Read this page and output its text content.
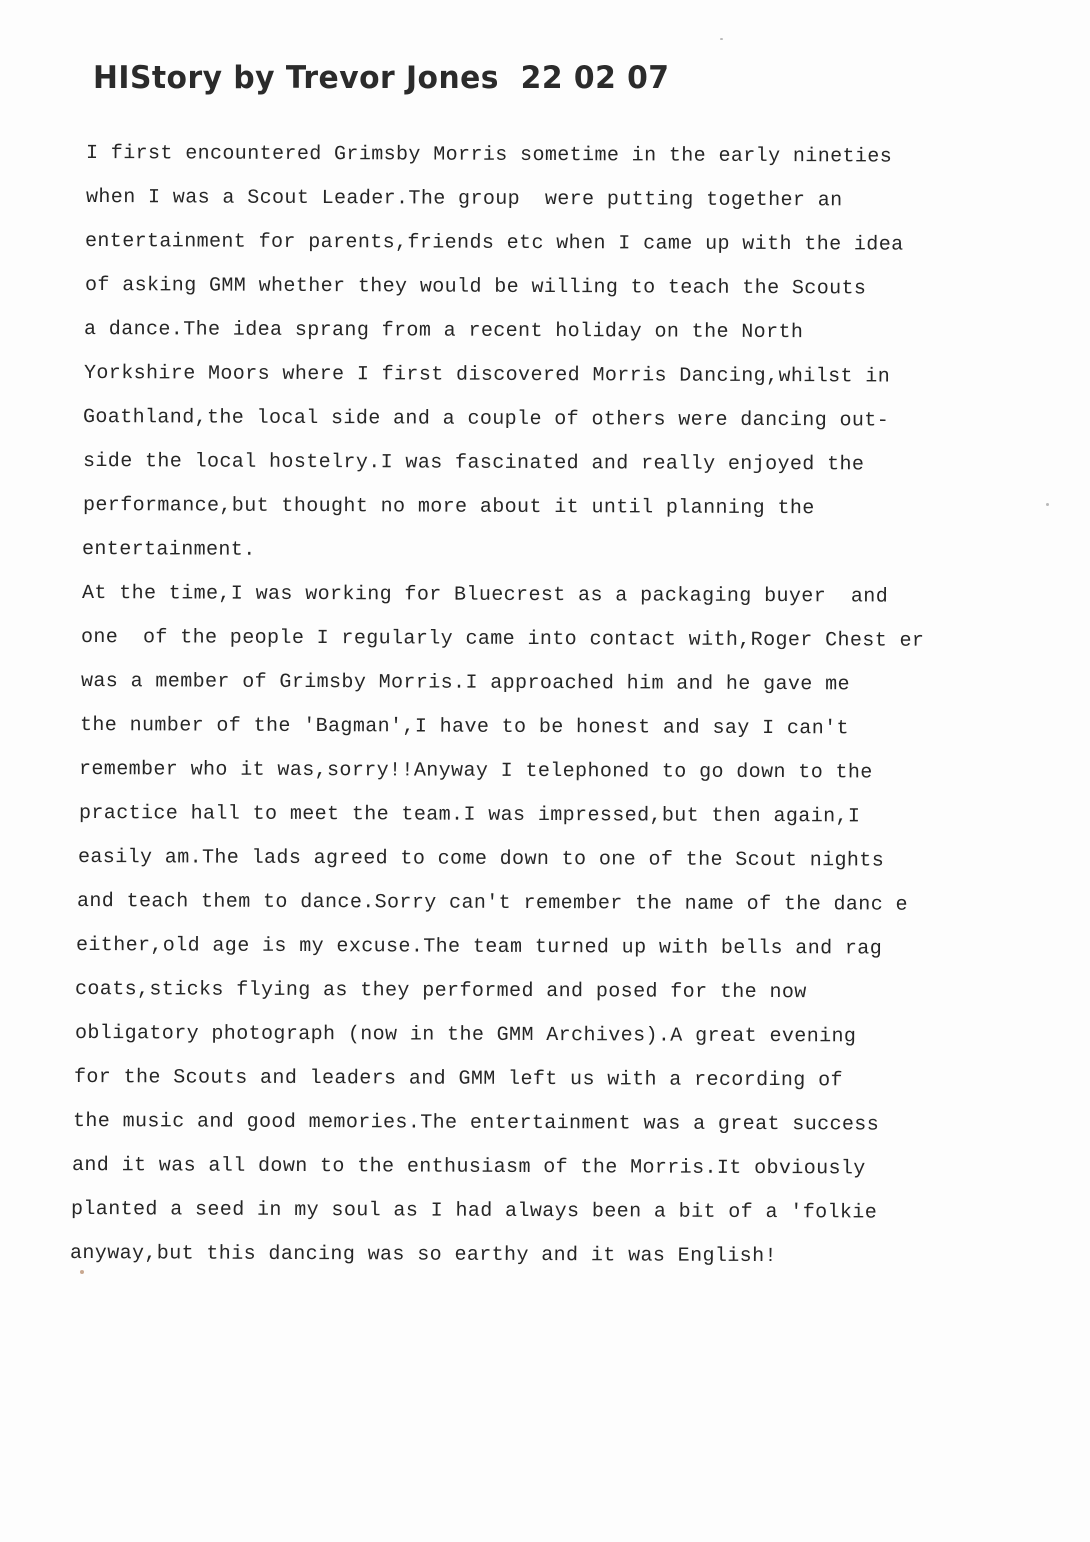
HIStory by Trevor Jones  22 02 07

I first encountered Grimsby Morris sometime in the early nineties

when I was a Scout Leader.The group  were putting together an

entertainment for parents,friends etc when I came up with the idea

of asking GMM whether they would be willing to teach the Scouts

a dance.The idea sprang from a recent holiday on the North

Yorkshire Moors where I first discovered Morris Dancing,whilst in

Goathland,the local side and a couple of others were dancing out-

side the local hostelry.I was fascinated and really enjoyed the

performance,but thought no more about it until planning the

entertainment.

At the time,I was working for Bluecrest as a packaging buyer  and

one  of the people I regularly came into contact with,Roger Chest er

was a member of Grimsby Morris.I approached him and he gave me

the number of the 'Bagman',I have to be honest and say I can't

remember who it was,sorry!!Anyway I telephoned to go down to the

practice hall to meet the team.I was impressed,but then again,I

easily am.The lads agreed to come down to one of the Scout nights

and teach them to dance.Sorry can't remember the name of the danc e

either,old age is my excuse.The team turned up with bells and rag

coats,sticks flying as they performed and posed for the now

obligatory photograph (now in the GMM Archives).A great evening

for the Scouts and leaders and GMM left us with a recording of

the music and good memories.The entertainment was a great success

and it was all down to the enthusiasm of the Morris.It obviously

planted a seed in my soul as I had always been a bit of a 'folkie

anyway,but this dancing was so earthy and it was English!
